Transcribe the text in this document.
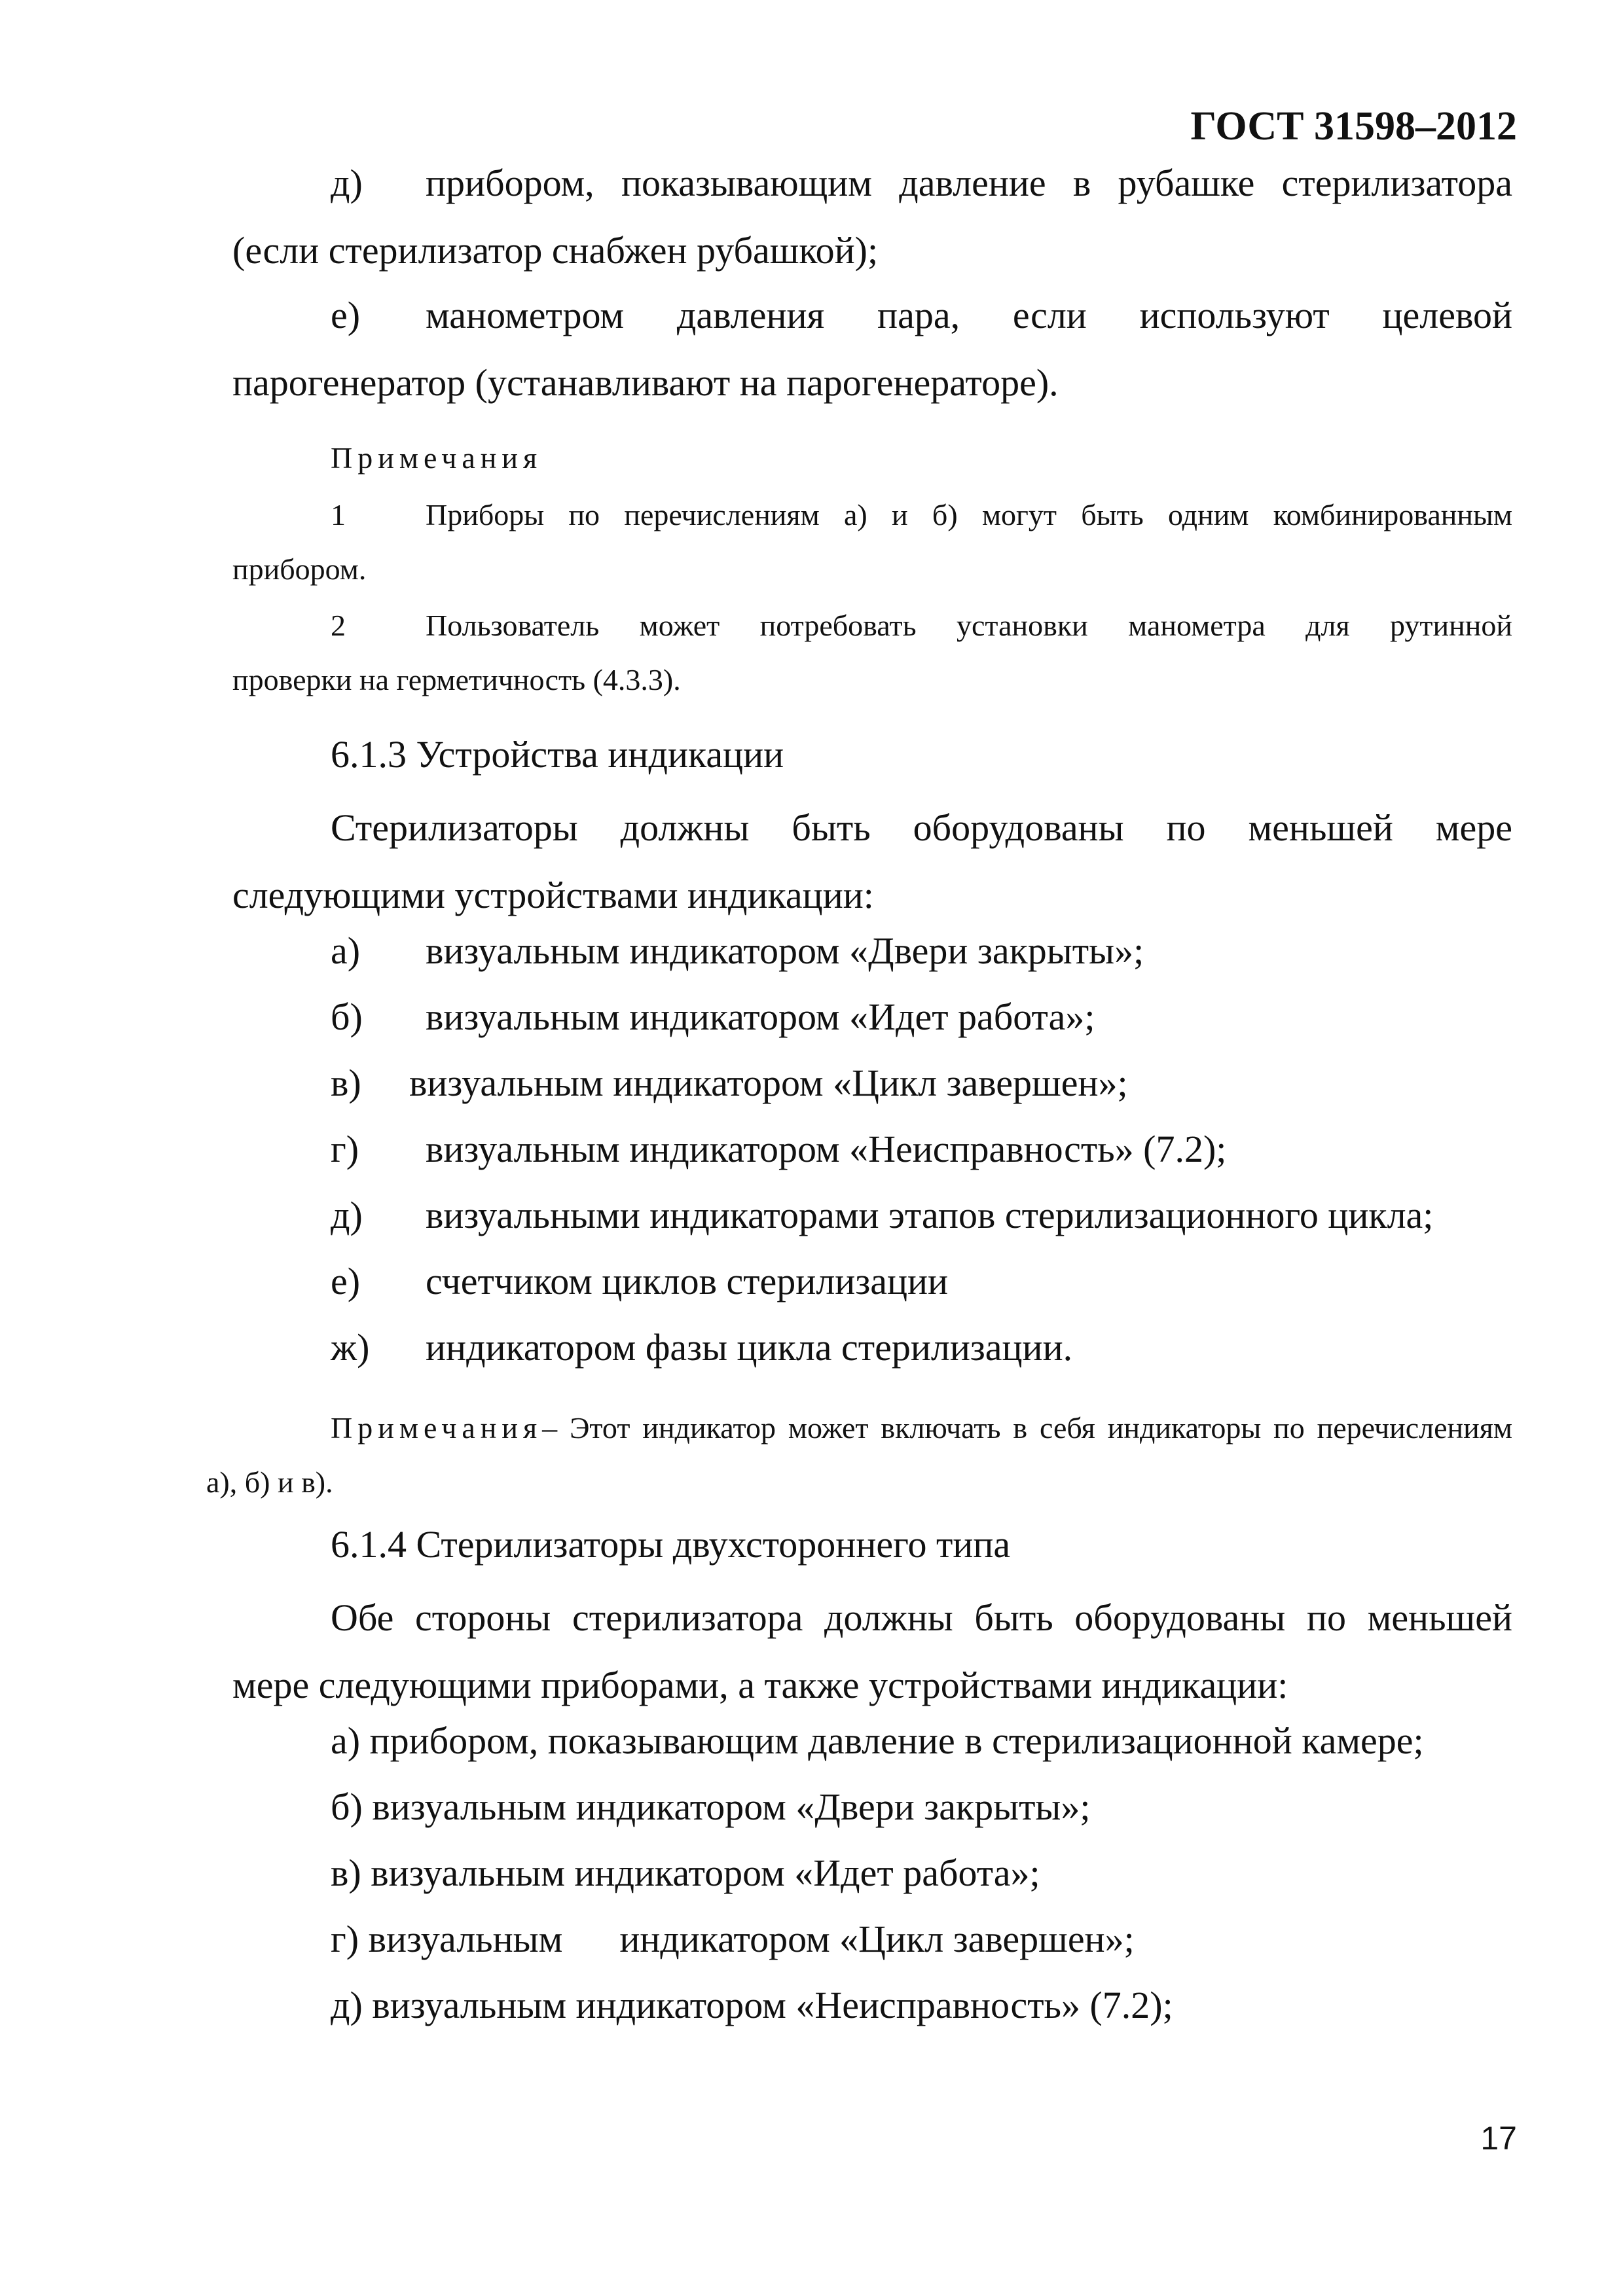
ГОСТ 31598–2012
д) прибором, показывающим давление в рубашке стерилизатора
(если стерилизатор снабжен рубашкой);
е) манометром давления пара, если используют целевой
парогенератор (устанавливают на парогенераторе).
Примечания
1	Приборы по перечислениям а) и б) могут быть одним комбинированным
прибором.
2	Пользователь может потребовать установки манометра для рутинной
проверки на герметичность (4.3.3).
6.1.3 Устройства индикации
Стерилизаторы должны быть оборудованы по меньшей мере
следующими устройствами индикации:
а) визуальным индикатором «Двери закрыты»;
б) визуальным индикатором «Идет работа»;
в) визуальным индикатором «Цикл завершен»;
г) визуальным индикатором «Неисправность» (7.2);
д) визуальными индикаторами этапов стерилизационного цикла;
е) счетчиком циклов стерилизации
ж) индикатором фазы цикла стерилизации.
Примечания– Этот индикатор может включать в себя индикаторы по перечислениям
а), б) и в).
6.1.4 Стерилизаторы двухстороннего типа
Обе стороны стерилизатора должны быть оборудованы по меньшей
мере следующими приборами, а также устройствами индикации:
а) прибором, показывающим давление в стерилизационной камере;
б) визуальным индикатором «Двери закрыты»;
в) визуальным индикатором «Идет работа»;
г) визуальным      индикатором «Цикл завершен»;
д) визуальным индикатором «Неисправность» (7.2);
17
